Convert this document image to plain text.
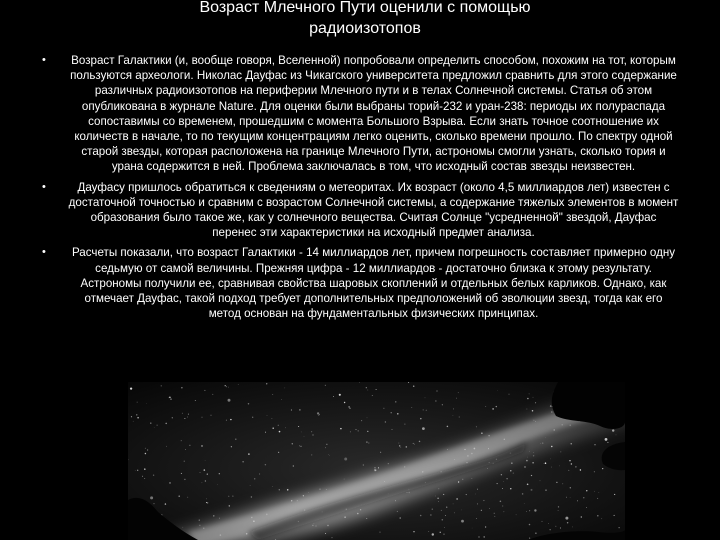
Возраст Млечного Пути оценили с помощью радиоизотопов
•	Возраст Галактики (и, вообще говоря, Вселенной) попробовали определить способом, похожим на тот, которым пользуются археологи. Николас Дауфас из Чикагского университета предложил сравнить для этого содержание различных радиоизотопов на периферии Млечного пути и в телах Солнечной системы. Статья об этом опубликована в журнале Nature. Для оценки были выбраны торий-232 и уран-238: периоды их полураспада сопоставимы со временем, прошедшим с момента Большого Взрыва. Если знать точное соотношение их количеств в начале, то по текущим концентрациям легко оценить, сколько времени прошло. По спектру одной старой звезды, которая расположена на границе Млечного Пути, астрономы смогли узнать, сколько тория и урана содержится в ней. Проблема заключалась в том, что исходный состав звезды неизвестен.
•	Дауфасу пришлось обратиться к сведениям о метеоритах. Их возраст (около 4,5 миллиардов лет) известен с достаточной точностью и сравним с возрастом Солнечной системы, а содержание тяжелых элементов в момент образования было такое же, как у солнечного вещества. Считая Солнце "усредненной" звездой, Дауфас перенес эти характеристики на исходный предмет анализа.
•	Расчеты показали, что возраст Галактики - 14 миллиардов лет, причем погрешность составляет примерно одну седьмую от самой величины. Прежняя цифра - 12 миллиардов - достаточно близка к этому результату. Астрономы получили ее, сравнивая свойства шаровых скоплений и отдельных белых карликов. Однако, как отмечает Дауфас, такой подход требует дополнительных предположений об эволюции звезд, тогда как его метод основан на фундаментальных физических принципах.
